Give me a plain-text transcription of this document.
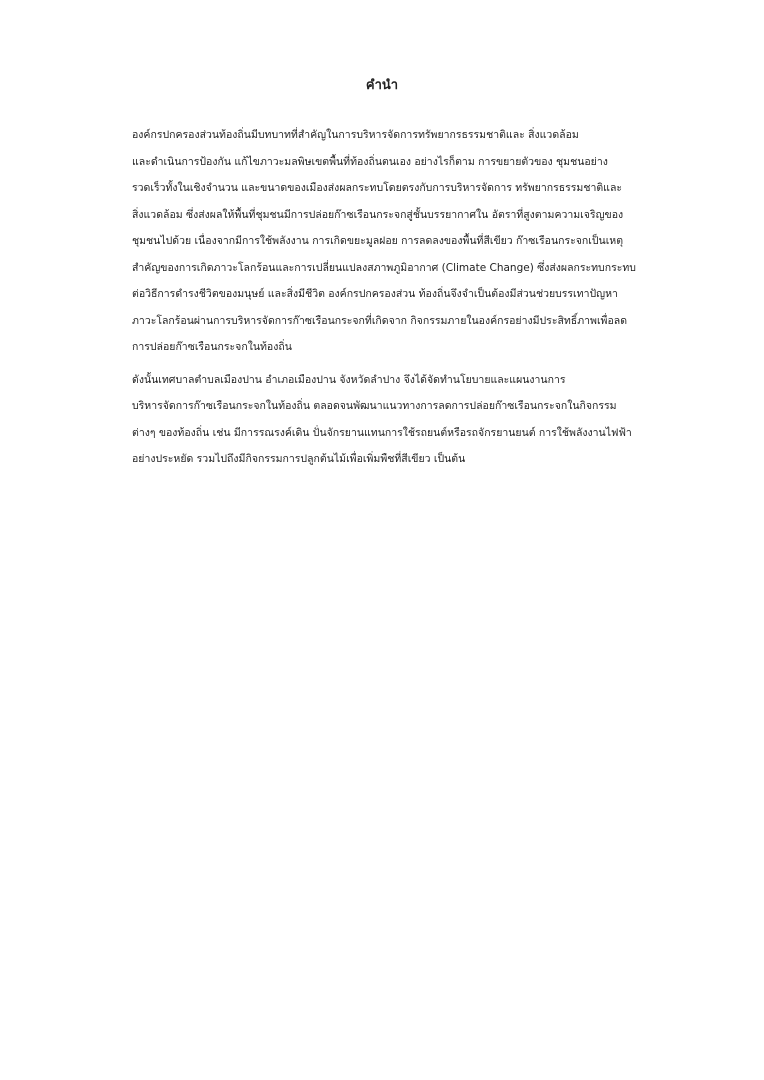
คำนำ
องค์กรปกครองส่วนท้องถิ่นมีบทบาทที่สำคัญในการบริหารจัดการทรัพยากรธรรมชาติและ สิ่งแวดล้อม
และดำเนินการป้องกัน แก้ไขภาวะมลพิษเขตพื้นที่ท้องถิ่นตนเอง อย่างไรก็ตาม การขยายตัวของ ชุมชนอย่าง
รวดเร็วทั้งในเชิงจำนวน และขนาดของเมืองส่งผลกระทบโดยตรงกับการบริหารจัดการ ทรัพยากรธรรมชาติและ
สิ่งแวดล้อม ซึ่งส่งผลให้พื้นที่ชุมชนมีการปล่อยก๊าซเรือนกระจกสู่ชั้นบรรยากาศใน อัตราที่สูงตามความเจริญของ
ชุมชนไปด้วย เนื่องจากมีการใช้พลังงาน การเกิดขยะมูลฝอย การลดลงของพื้นที่สีเขียว ก๊าซเรือนกระจกเป็นเหตุ
สำคัญของการเกิดภาวะโลกร้อนและการเปลี่ยนแปลงสภาพภูมิอากาศ (Climate Change) ซึ่งส่งผลกระทบกระทบ
ต่อวิธีการดำรงชีวิตของมนุษย์ และสิ่งมีชีวิต องค์กรปกครองส่วน ท้องถิ่นจึงจำเป็นต้องมีส่วนช่วยบรรเทาปัญหา
ภาวะโลกร้อนผ่านการบริหารจัดการก๊าซเรือนกระจกที่เกิดจาก กิจกรรมภายในองค์กรอย่างมีประสิทธิ์ภาพเพื่อลด
การปล่อยก๊าซเรือนกระจกในท้องถิ่น
ดังนั้นเทศบาลตำบลเมืองปาน อำเภอเมืองปาน จังหวัดลำปาง จึงได้จัดทำนโยบายและแผนงานการ
บริหารจัดการก๊าซเรือนกระจกในท้องถิ่น ตลอดจนพัฒนาแนวทางการลดการปล่อยก๊าซเรือนกระจกในกิจกรรม
ต่างๆ ของท้องถิ่น เช่น มีการรณรงค์เดิน ปั่นจักรยานแทนการใช้รถยนต์หรือรถจักรยานยนต์ การใช้พลังงานไฟฟ้า
อย่างประหยัด รวมไปถึงมีกิจกรรมการปลูกต้นไม้เพื่อเพิ่มพืชที่สีเขียว เป็นต้น
